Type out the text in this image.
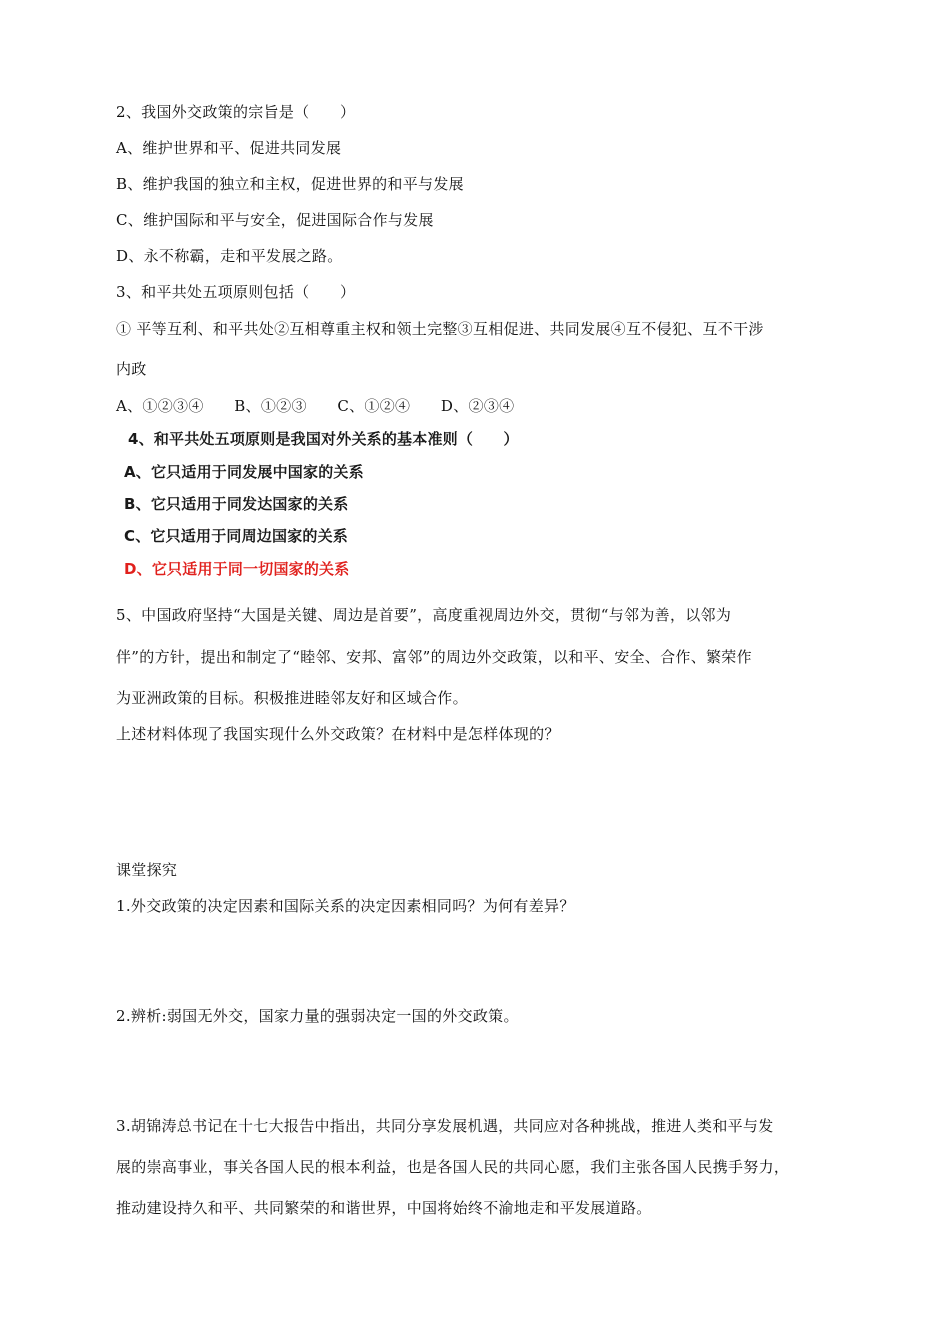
2、我国外交政策的宗旨是（　　）
A、维护世界和平、促进共同发展
B、维护我国的独立和主权，促进世界的和平与发展
C、维护国际和平与安全，促进国际合作与发展
D、永不称霸，走和平发展之路。
3、和平共处五项原则包括（　　）
① 平等互利、和平共处②互相尊重主权和领土完整③互相促进、共同发展④互不侵犯、互不干涉
内政
A、①②③④　　B、①②③　　C、①②④　　D、②③④
4、和平共处五项原则是我国对外关系的基本准则（　　）
A、它只适用于同发展中国家的关系
B、它只适用于同发达国家的关系
C、它只适用于同周边国家的关系
D、它只适用于同一切国家的关系
5、中国政府坚持“大国是关键、周边是首要”，高度重视周边外交，贯彻“与邻为善，以邻为
伴”的方针，提出和制定了“睦邻、安邦、富邻”的周边外交政策，以和平、安全、合作、繁荣作
为亚洲政策的目标。积极推进睦邻友好和区域合作。
上述材料体现了我国实现什么外交政策？在材料中是怎样体现的？
课堂探究
1.外交政策的决定因素和国际关系的决定因素相同吗？为何有差异？
2.辨析:弱国无外交，国家力量的强弱决定一国的外交政策。
3.胡锦涛总书记在十七大报告中指出，共同分享发展机遇，共同应对各种挑战，推进人类和平与发
展的崇高事业，事关各国人民的根本利益，也是各国人民的共同心愿，我们主张各国人民携手努力，
推动建设持久和平、共同繁荣的和谐世界，中国将始终不渝地走和平发展道路。
